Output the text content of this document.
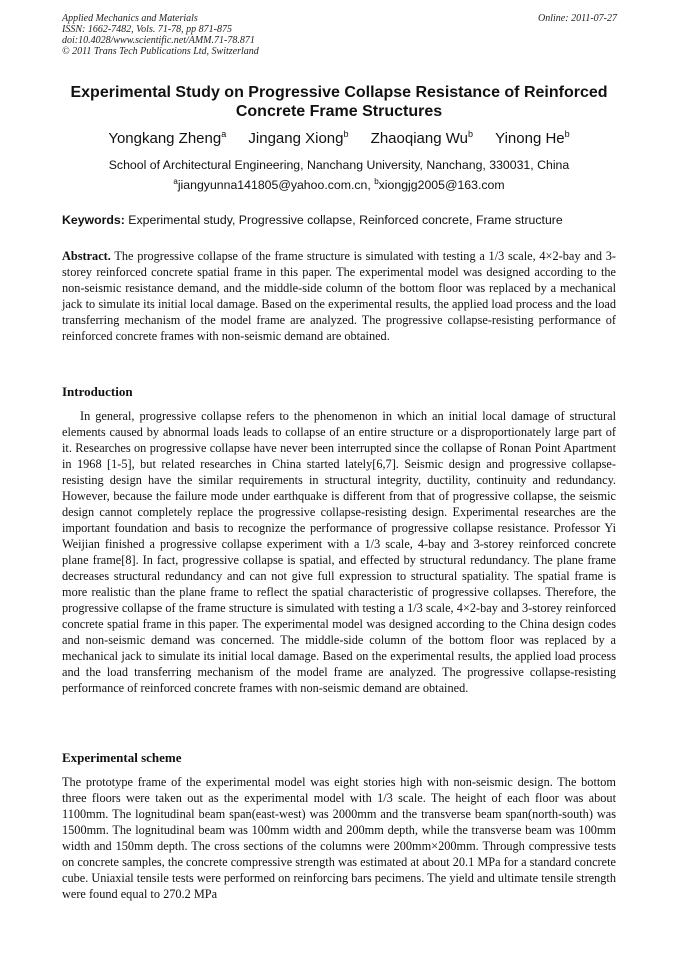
Applied Mechanics and Materials
ISSN: 1662-7482, Vols. 71-78, pp 871-875
doi:10.4028/www.scientific.net/AMM.71-78.871
© 2011 Trans Tech Publications Ltd, Switzerland
Online: 2011-07-27
Experimental Study on Progressive Collapse Resistance of Reinforced Concrete Frame Structures
Yongkang Zheng$^a$ Jingang Xiong$^b$ Zhaoqiang Wu$^b$ Yinong He$^b$
School of Architectural Engineering, Nanchang University, Nanchang, 330031, China
$^a$jiangyunna141805@yahoo.com.cn, $^b$xiongjg2005@163.com
Keywords: Experimental study, Progressive collapse, Reinforced concrete, Frame structure
Abstract. The progressive collapse of the frame structure is simulated with testing a 1/3 scale, 4×2-bay and 3-storey reinforced concrete spatial frame in this paper. The experimental model was designed according to the non-seismic resistance demand, and the middle-side column of the bottom floor was replaced by a mechanical jack to simulate its initial local damage. Based on the experimental results, the applied load process and the load transferring mechanism of the model frame are analyzed. The progressive collapse-resisting performance of reinforced concrete frames with non-seismic demand are obtained.
Introduction
In general, progressive collapse refers to the phenomenon in which an initial local damage of structural elements caused by abnormal loads leads to collapse of an entire structure or a disproportionately large part of it. Researches on progressive collapse have never been interrupted since the collapse of Ronan Point Apartment in 1968 [1-5], but related researches in China started lately[6,7]. Seismic design and progressive collapse-resisting design have the similar requirements in structural integrity, ductility, continuity and redundancy. However, because the failure mode under earthquake is different from that of progressive collapse, the seismic design cannot completely replace the progressive collapse-resisting design. Experimental researches are the important foundation and basis to recognize the performance of progressive collapse resistance. Professor Yi Weijian finished a progressive collapse experiment with a 1/3 scale, 4-bay and 3-storey reinforced concrete plane frame[8]. In fact, progressive collapse is spatial, and effected by structural redundancy. The plane frame decreases structural redundancy and can not give full expression to structural spatiality. The spatial frame is more realistic than the plane frame to reflect the spatial characteristic of progressive collapses. Therefore, the progressive collapse of the frame structure is simulated with testing a 1/3 scale, 4×2-bay and 3-storey reinforced concrete spatial frame in this paper. The experimental model was designed according to the China design codes and non-seismic demand was concerned. The middle-side column of the bottom floor was replaced by a mechanical jack to simulate its initial local damage. Based on the experimental results, the applied load process and the load transferring mechanism of the model frame are analyzed. The progressive collapse-resisting performance of reinforced concrete frames with non-seismic demand are obtained.
Experimental scheme
The prototype frame of the experimental model was eight stories high with non-seismic design. The bottom three floors were taken out as the experimental model with 1/3 scale. The height of each floor was about 1100mm. The lognitudinal beam span(east-west) was 2000mm and the transverse beam span(north-south) was 1500mm. The lognitudinal beam was 100mm width and 200mm depth, while the transverse beam was 100mm width and 150mm depth. The cross sections of the columns were 200mm×200mm. Through compressive tests on concrete samples, the concrete compressive strength was estimated at about 20.1 MPa for a standard concrete cube. Uniaxial tensile tests were performed on reinforcing bars pecimens. The yield and ultimate tensile strength were found equal to 270.2 MPa
